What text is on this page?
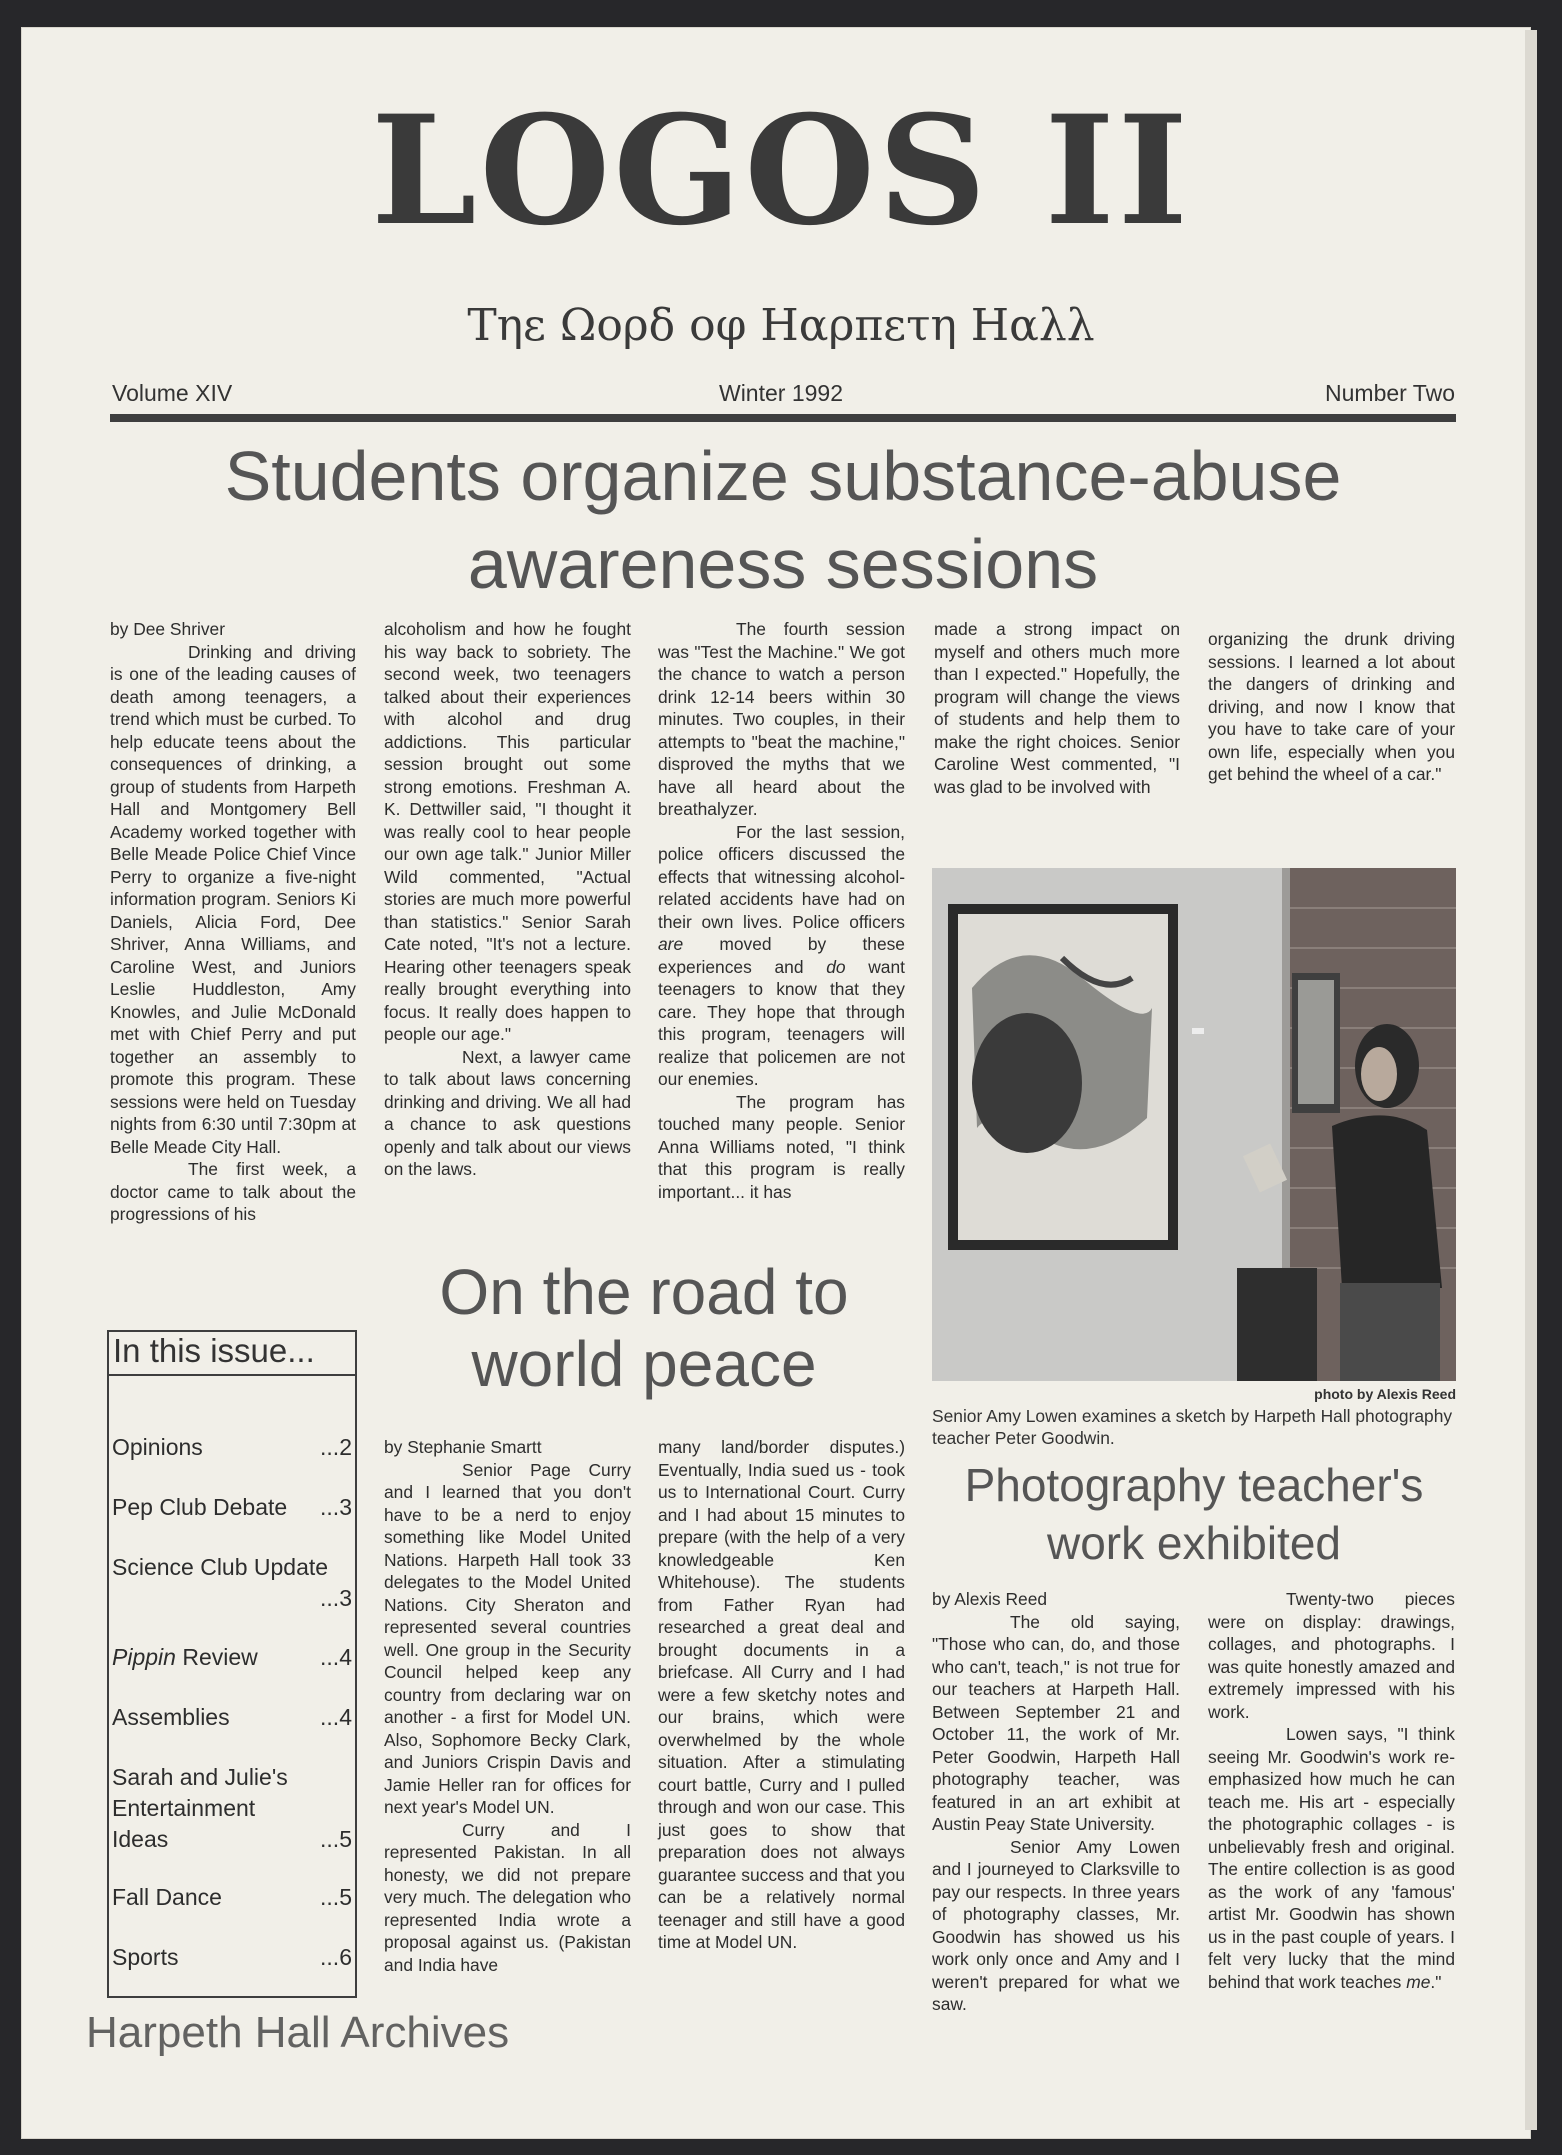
LOGOS II
Τηε Ωορδ οφ Ηαρπετη Ηαλλ
Volume XIV	Winter 1992	Number Two
Students organize substance-abuse awareness sessions
by Dee Shriver

Drinking and driving is one of the leading causes of death among teenagers, a trend which must be curbed. To help educate teens about the consequences of drinking, a group of students from Harpeth Hall and Montgomery Bell Academy worked together with Belle Meade Police Chief Vince Perry to organize a five-night information program. Seniors Ki Daniels, Alicia Ford, Dee Shriver, Anna Williams, and Caroline West, and Juniors Leslie Huddleston, Amy Knowles, and Julie McDonald met with Chief Perry and put together an assembly to promote this program. These sessions were held on Tuesday nights from 6:30 until 7:30pm at Belle Meade City Hall.

The first week, a doctor came to talk about the progressions of his

alcoholism and how he fought his way back to sobriety. The second week, two teenagers talked about their experiences with alcohol and drug addictions. This particular session brought out some strong emotions. Freshman A. K. Dettwiller said, "I thought it was really cool to hear people our own age talk." Junior Miller Wild commented, "Actual stories are much more powerful than statistics." Senior Sarah Cate noted, "It's not a lecture. Hearing other teenagers speak really brought everything into focus. It really does happen to people our age."

Next, a lawyer came to talk about laws concerning drinking and driving. We all had a chance to ask questions openly and talk about our views on the laws.

The fourth session was "Test the Machine." We got the chance to watch a person drink 12-14 beers within 30 minutes. Two couples, in their attempts to "beat the machine," disproved the myths that we have all heard about the breathalyzer.

For the last session, police officers discussed the effects that witnessing alcohol-related accidents have had on their own lives. Police officers are moved by these experiences and do want teenagers to know that they care. They hope that through this program, teenagers will realize that policemen are not our enemies.

The program has touched many people. Senior Anna Williams noted, "I think that this program is really important... it has

made a strong impact on myself and others much more than I expected." Hopefully, the program will change the views of students and help them to make the right choices. Senior Caroline West commented, "I was glad to be involved with

organizing the drunk driving sessions. I learned a lot about the dangers of drinking and driving, and now I know that you have to take care of your own life, especially when you get behind the wheel of a car."

photo by Alexis Reed
Senior Amy Lowen examines a sketch by Harpeth Hall photography teacher Peter Goodwin.
In this issue...
Opinions	...2
Pep Club Debate ...3
Science Club Update
...3
Pippin Review	...4
Assemblies	...4
Sarah and Julie's Entertainment Ideas	...5
Fall Dance	...5
Sports	...6
On the road to world peace
by Stephanie Smartt

Senior Page Curry and I learned that you don't have to be a nerd to enjoy something like Model United Nations. Harpeth Hall took 33 delegates to the Model United Nations. City Sheraton and represented several countries well. One group in the Security Council helped keep any country from declaring war on another - a first for Model UN. Also, Sophomore Becky Clark, and Juniors Crispin Davis and Jamie Heller ran for offices for next year's Model UN.

Curry and I represented Pakistan. In all honesty, we did not prepare very much. The delegation who represented India wrote a proposal against us. (Pakistan and India have

many land/border disputes.) Eventually, India sued us - took us to International Court. Curry and I had about 15 minutes to prepare (with the help of a very knowledgeable Ken Whitehouse). The students from Father Ryan had researched a great deal and brought documents in a briefcase. All Curry and I had were a few sketchy notes and our brains, which were overwhelmed by the whole situation. After a stimulating court battle, Curry and I pulled through and won our case. This just goes to show that preparation does not always guarantee success and that you can be a relatively normal teenager and still have a good time at Model UN.

Photography teacher's work exhibited
by Alexis Reed

The old saying, "Those who can, do, and those who can't, teach," is not true for our teachers at Harpeth Hall. Between September 21 and October 11, the work of Mr. Peter Goodwin, Harpeth Hall photography teacher, was featured in an art exhibit at Austin Peay State University.

Senior Amy Lowen and I journeyed to Clarksville to pay our respects. In three years of photography classes, Mr. Goodwin has showed us his work only once and Amy and I weren't prepared for what we saw.

Twenty-two pieces were on display: drawings, collages, and photographs. I was quite honestly amazed and extremely impressed with his work.

Lowen says, "I think seeing Mr. Goodwin's work re-emphasized how much he can teach me. His art - especially the photographic collages - is unbelievably fresh and original. The entire collection is as good as the work of any 'famous' artist Mr. Goodwin has shown us in the past couple of years. I felt very lucky that the mind behind that work teaches me."

Harpeth Hall Archives
